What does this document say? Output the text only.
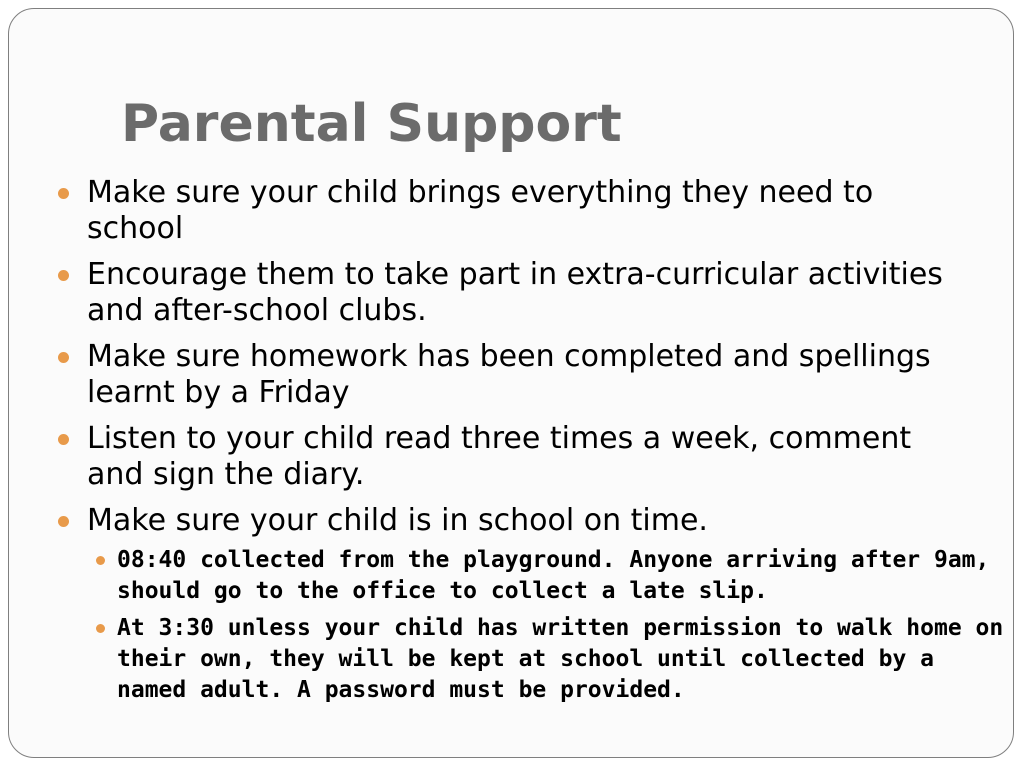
Parental Support
Make sure your child brings everything they need to school
Encourage them to take part in extra-curricular activities and after-school clubs.
Make sure homework has been completed and spellings learnt by a Friday
Listen to your child read three times a week, comment and sign the diary.
Make sure your child is in school on time.
08:40 collected from the playground. Anyone arriving after 9am, should go to the office to collect a late slip.
At 3:30 unless your child has written permission to walk home on their own, they will be kept at school until collected by a named adult. A password must be provided.
